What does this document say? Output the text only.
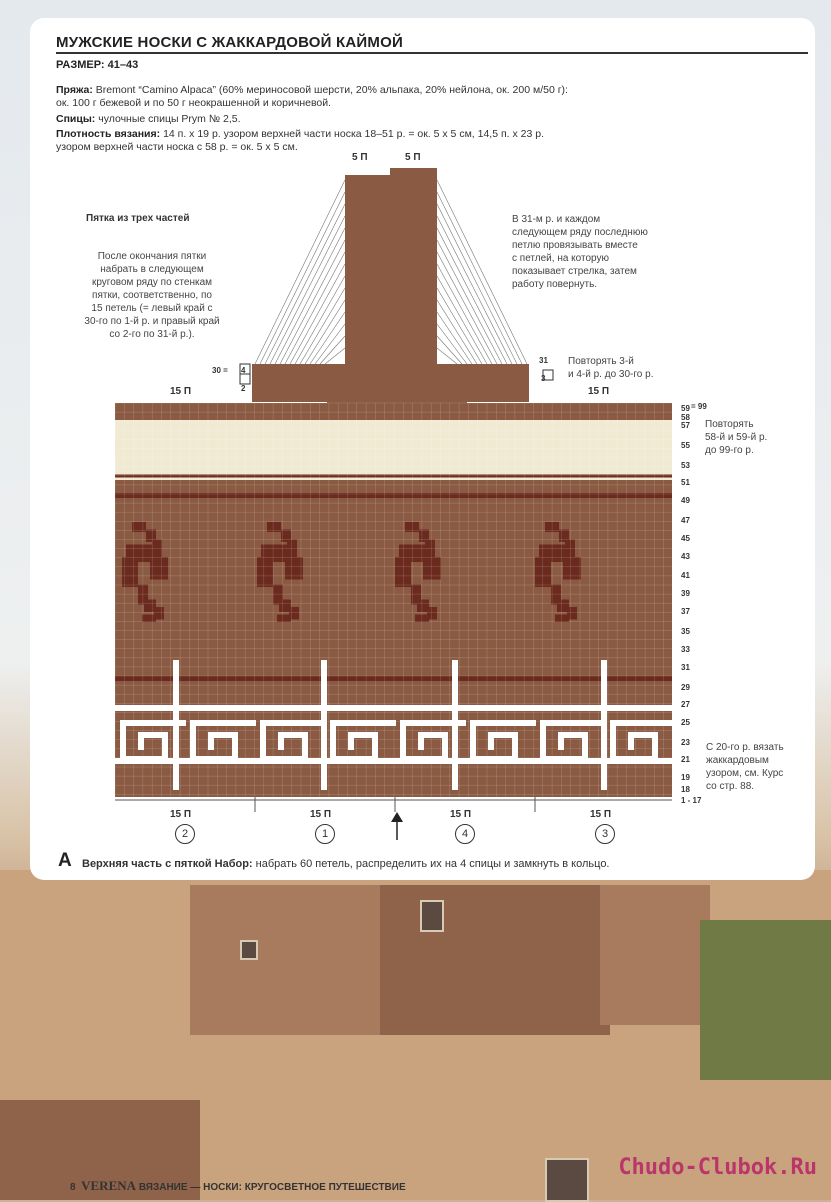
МУЖСКИЕ НОСКИ С ЖАККАРДОВОЙ КАЙМОЙ
РАЗМЕР: 41–43
Пряжа: Bremont “Camino Alpaca” (60% мериносовой шерсти, 20% альпака, 20% нейлона, ок. 200 м/50 г):
ок. 100 г бежевой и по 50 г неокрашенной и коричневой.
Спицы: чулочные спицы Prym № 2,5.
Плотность вязания: 14 п. х 19 р. узором верхней части носка 18–51 р. = ок. 5 х 5 см, 14,5 п. х 23 р.
узором верхней части носка с 58 р. = ок. 5 х 5 см.
Пятка из трех частей
После окончания пятки
набрать в следующем
круговом ряду по стенкам
пятки, соответственно, по
15 петель (= левый край с
30-го по 1-й р. и правый край
со 2-го по 31-й р.).
В 31-м р. и каждом
следующем ряду последнюю
петлю провязывать вместе
с петлей, на которую
показывает стрелка, затем
работу повернуть.
Повторять 3-й
и 4-й р. до 30-го р.
Повторять
58-й и 59-й р.
до 99-го р.
С 20-го р. вязать
жаккардовым
узором, см. Курс
со стр. 88.
5 П	5 П
30 = 4
2
31
3
15 П	15 П
59
58
57
55
53
51
49
47
45
43
41
39
37
35
33
31
29
27
25
23
21
19
18
1 - 17
= 99
15 П
2
15 П
1
15 П
4
15 П
3
А Верхняя часть с пяткой Набор: набрать 60 петель, распределить их на 4 спицы и замкнуть в кольцо.
8 VERENA ВЯЗАНИЕ — НОСКИ: КРУГОСВЕТНОЕ ПУТЕШЕСТВИЕ
Chudo-Clubok.Ru
